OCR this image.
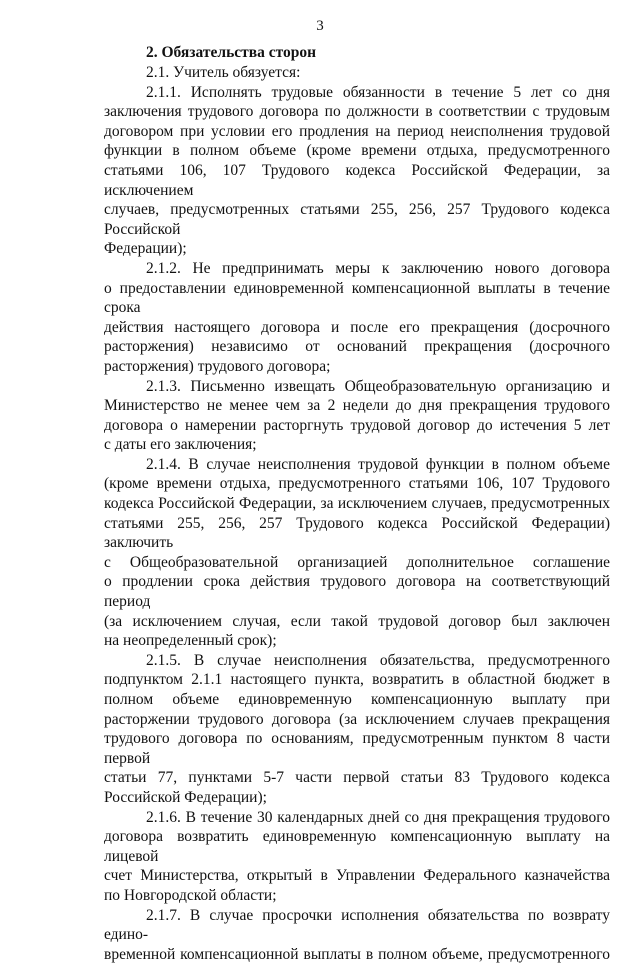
3

2. Обязательства сторон

2.1. Учитель обязуется:

2.1.1. Исполнять трудовые обязанности в течение 5 лет со дня
заключения трудового договора по должности в соответствии с трудовым
договором при условии его продления на период неисполнения трудовой
функции в полном объеме (кроме времени отдыха, предусмотренного
статьями 106, 107 Трудового кодекса Российской Федерации, за исключением
случаев, предусмотренных статьями 255, 256, 257 Трудового кодекса Российской
Федерации);
2.1.2. Не предпринимать меры к заключению нового договора
о предоставлении единовременной компенсационной выплаты в течение срока
действия настоящего договора и после его прекращения (досрочного
расторжения) независимо от оснований прекращения (досрочного
расторжения) трудового договора;
2.1.3. Письменно извещать Общеобразовательную организацию и
Министерство не менее чем за 2 недели до дня прекращения трудового
договора о намерении расторгнуть трудовой договор до истечения 5 лет
с даты его заключения;
2.1.4. В случае неисполнения трудовой функции в полном объеме
(кроме времени отдыха, предусмотренного статьями 106, 107 Трудового
кодекса Российской Федерации, за исключением случаев, предусмотренных
статьями 255, 256, 257 Трудового кодекса Российской Федерации) заключить
с Общеобразовательной организацией дополнительное соглашение
о продлении срока действия трудового договора на соответствующий период
(за исключением случая, если такой трудовой договор был заключен
на неопределенный срок);
2.1.5. В случае неисполнения обязательства, предусмотренного
подпунктом 2.1.1 настоящего пункта, возвратить в областной бюджет в
полном объеме единовременную компенсационную выплату при
расторжении трудового договора (за исключением случаев прекращения
трудового договора по основаниям, предусмотренным пунктом 8 части первой
статьи 77, пунктами 5-7 части первой статьи 83 Трудового кодекса
Российской Федерации);
2.1.6. В течение 30 календарных дней со дня прекращения трудового
договора возвратить единовременную компенсационную выплату на лицевой
счет Министерства, открытый в Управлении Федерального казначейства
по Новгородской области;
2.1.7. В случае просрочки исполнения обязательства по возврату едино-
временной компенсационной выплаты в полном объеме, предусмотренного
